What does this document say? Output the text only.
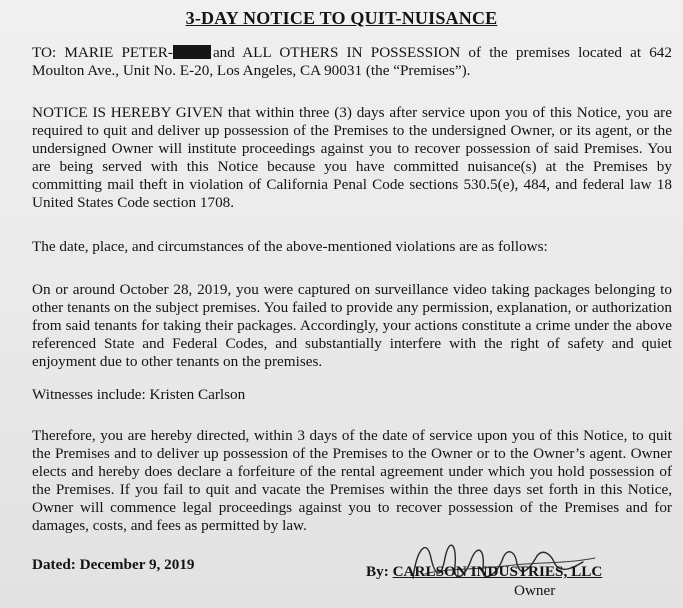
3-DAY NOTICE TO QUIT-NUISANCE
TO: MARIE PETER-	and ALL OTHERS IN POSSESSION of the premises located at 642 Moulton Ave., Unit No. E-20, Los Angeles, CA 90031 (the “Premises”).
NOTICE IS HEREBY GIVEN that within three (3) days after service upon you of this Notice, you are required to quit and deliver up possession of the Premises to the undersigned Owner, or its agent, or the undersigned Owner will institute proceedings against you to recover possession of said Premises. You are being served with this Notice because you have committed nuisance(s) at the Premises by committing mail theft in violation of California Penal Code sections 530.5(e), 484, and federal law 18 United States Code section 1708.
The date, place, and circumstances of the above-mentioned violations are as follows:
On or around October 28, 2019, you were captured on surveillance video taking packages belonging to other tenants on the subject premises. You failed to provide any permission, explanation, or authorization from said tenants for taking their packages. Accordingly, your actions constitute a crime under the above referenced State and Federal Codes, and substantially interfere with the right of safety and quiet enjoyment due to other tenants on the premises.
Witnesses include: Kristen Carlson
Therefore, you are hereby directed, within 3 days of the date of service upon you of this Notice, to quit the Premises and to deliver up possession of the Premises to the Owner or to the Owner’s agent. Owner elects and hereby does declare a forfeiture of the rental agreement under which you hold possession of the Premises. If you fail to quit and vacate the Premises within the three days set forth in this Notice, Owner will commence legal proceedings against you to recover possession of the Premises and for damages, costs, and fees as permitted by law.
Dated: December 9, 2019	By: CARLSON INDUSTRIES, LLC
Owner
